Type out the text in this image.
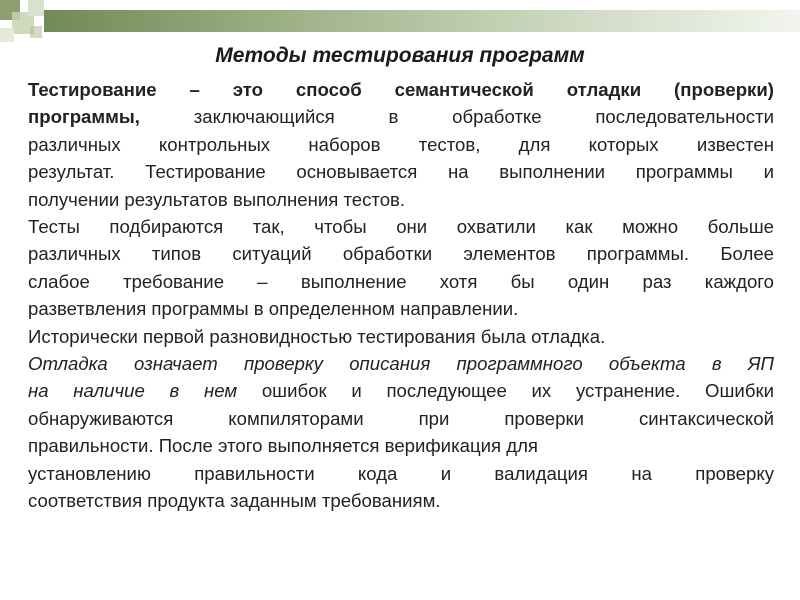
Методы тестирования программ
Тестирование – это способ семантической отладки (проверки)
программы, заключающийся в обработке последовательности
различных контрольных наборов тестов, для которых известен
результат. Тестирование основывается на выполнении программы и
получении результатов выполнения тестов.
Тесты подбираются так, чтобы они охватили как можно больше
различных типов ситуаций обработки элементов программы. Более
слабое требование – выполнение хотя бы один раз каждого
разветвления программы в определенном направлении.
Исторически первой разновидностью тестирования была отладка.
Отладка означает проверку описания программного объекта в ЯП
на наличие в нем ошибок и последующее их устранение. Ошибки
обнаруживаются компиляторами при проверки синтаксической
правильности. После этого выполняется верификация для
установлению правильности кода и валидация на проверку
соответствия продукта заданным требованиям.
